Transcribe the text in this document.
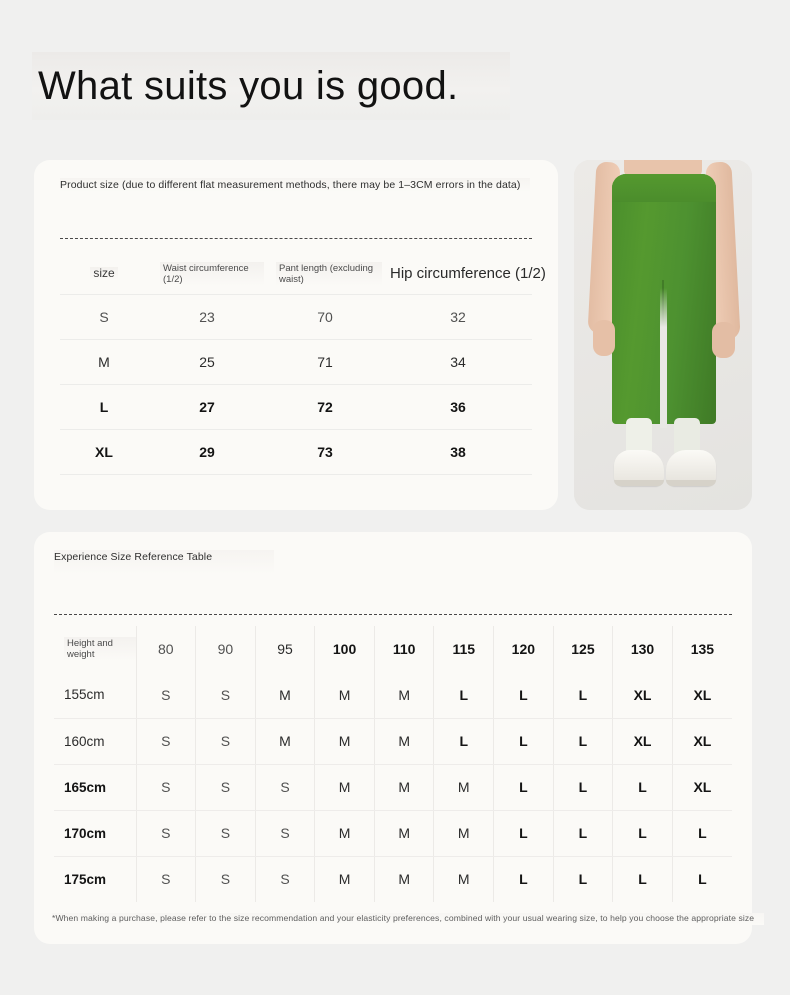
What suits you is good.
Product size (due to different flat measurement methods, there may be 1–3CM errors in the data)
size	Waist circumference (1/2)	Pant length (excluding waist)	Hip circumference (1/2)
S	23	70	32
M	25	71	34
L	27	72	36
XL	29	73	38
Experience Size Reference Table
Height and weight	80	90	95	100	110	115	120	125	130	135
155cm	S	S	M	M	M	L	L	L	XL	XL
160cm	S	S	M	M	M	L	L	L	XL	XL
165cm	S	S	S	M	M	M	L	L	L	XL
170cm	S	S	S	M	M	M	L	L	L	L
175cm	S	S	S	M	M	M	L	L	L	L
*When making a purchase, please refer to the size recommendation and your elasticity preferences, combined with your usual wearing size, to help you choose the appropriate size
